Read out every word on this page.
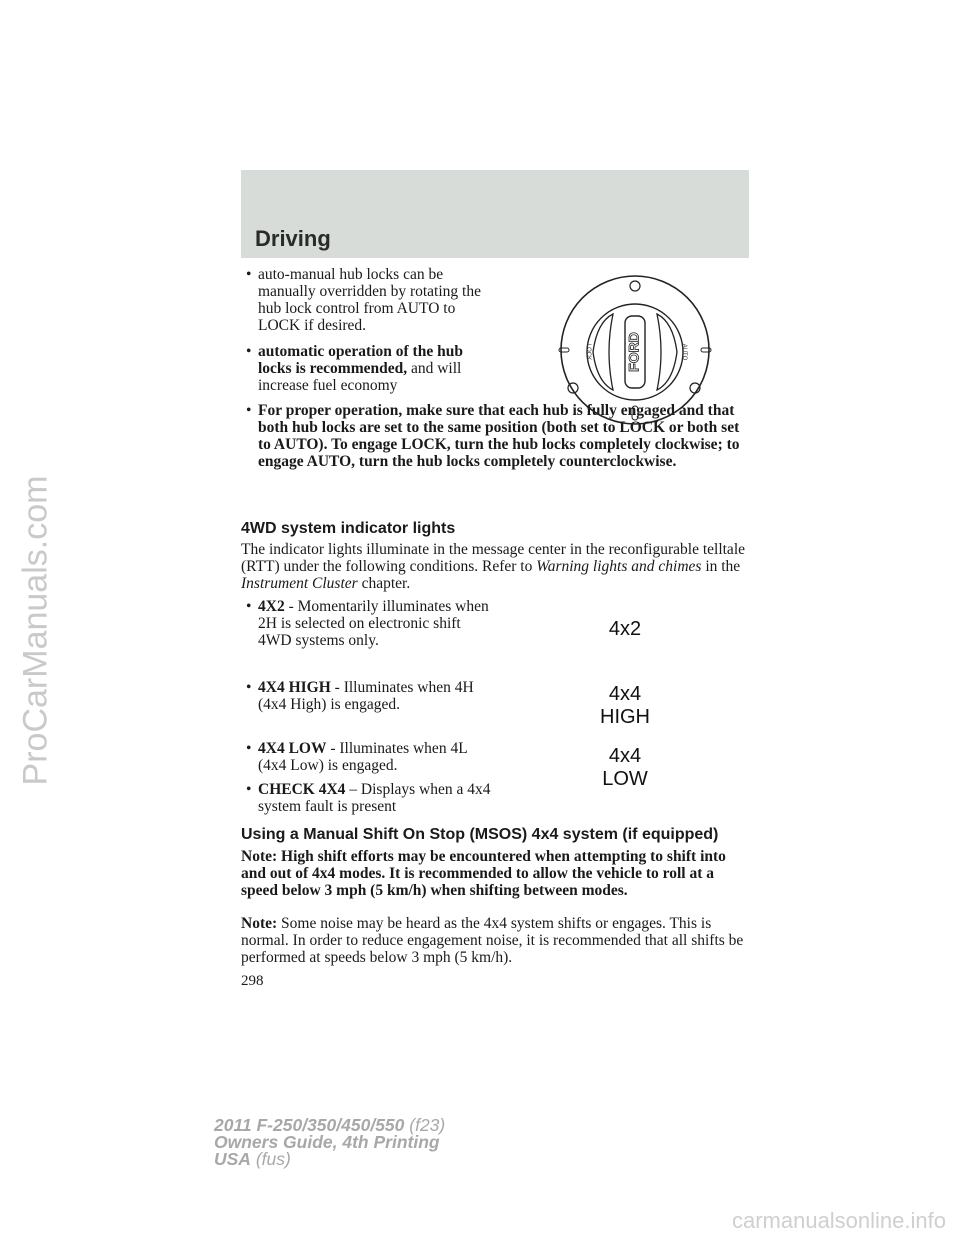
ProCarManuals.com
Driving
• auto-manual hub locks can be manually overridden by rotating the hub lock control from AUTO to LOCK if desired.
• automatic operation of the hub locks is recommended, and will increase fuel economy
• For proper operation, make sure that each hub is fully engaged and that both hub locks are set to the same position (both set to LOCK or both set to AUTO). To engage LOCK, turn the hub locks completely clockwise; to engage AUTO, turn the hub locks completely counterclockwise.
FORD
LOCK	AUTO
4WD system indicator lights
The indicator lights illuminate in the message center in the reconfigurable telltale (RTT) under the following conditions. Refer to Warning lights and chimes in the Instrument Cluster chapter.
• 4X2 - Momentarily illuminates when 2H is selected on electronic shift 4WD systems only.
• 4X4 HIGH - Illuminates when 4H (4x4 High) is engaged.
• 4X4 LOW - Illuminates when 4L (4x4 Low) is engaged.
• CHECK 4X4 – Displays when a 4x4 system fault is present
4x2
4x4
HIGH
4x4
LOW
Using a Manual Shift On Stop (MSOS) 4x4 system (if equipped)
Note: High shift efforts may be encountered when attempting to shift into and out of 4x4 modes. It is recommended to allow the vehicle to roll at a speed below 3 mph (5 km/h) when shifting between modes.
Note: Some noise may be heard as the 4x4 system shifts or engages. This is normal. In order to reduce engagement noise, it is recommended that all shifts be performed at speeds below 3 mph (5 km/h).
298
2011 F-250/350/450/550 (f23)
Owners Guide, 4th Printing
USA (fus)
carmanualsonline.info
